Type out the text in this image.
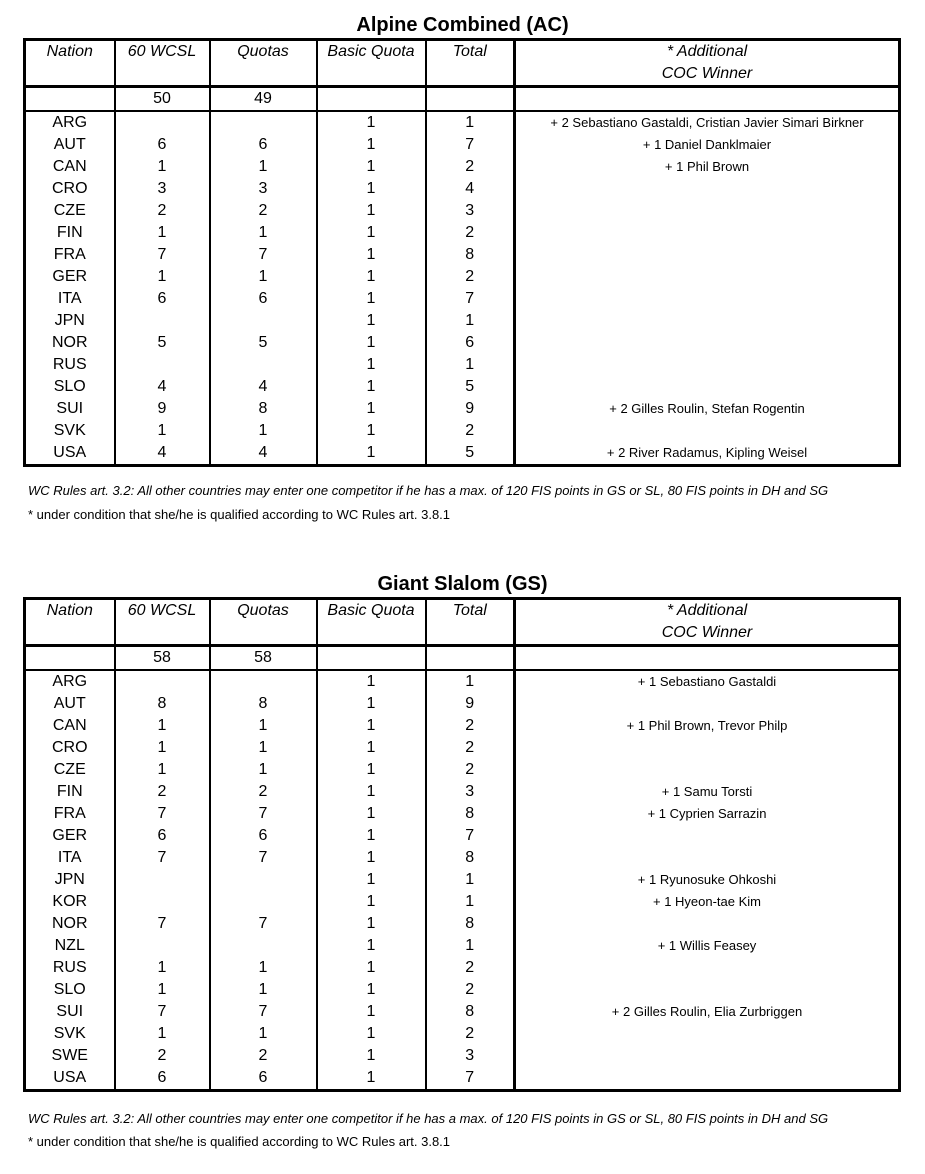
Alpine Combined (AC)
Nation	60 WCSL	Quotas	Basic Quota	Total	* Additional
COC Winner
	50	49			
ARG			1	1	+ 2 Sebastiano Gastaldi, Cristian Javier Simari Birkner
AUT	6	6	1	7	+ 1 Daniel Danklmaier
CAN	1	1	1	2	+ 1 Phil Brown
CRO	3	3	1	4	
CZE	2	2	1	3	
FIN	1	1	1	2	
FRA	7	7	1	8	
GER	1	1	1	2	
ITA	6	6	1	7	
JPN			1	1	
NOR	5	5	1	6	
RUS			1	1	
SLO	4	4	1	5	
SUI	9	8	1	9	+ 2 Gilles Roulin, Stefan Rogentin
SVK	1	1	1	2	
USA	4	4	1	5	+ 2 River Radamus, Kipling Weisel
WC Rules art. 3.2: All other countries may enter one competitor if he has a max. of 120 FIS points in GS or SL, 80 FIS points in DH and SG
* under condition that she/he is qualified according to WC Rules art. 3.8.1
Giant Slalom (GS)
Nation	60 WCSL	Quotas	Basic Quota	Total	* Additional
COC Winner
	58	58			
ARG			1	1	+ 1 Sebastiano Gastaldi
AUT	8	8	1	9	
CAN	1	1	1	2	+ 1 Phil Brown, Trevor Philp
CRO	1	1	1	2	
CZE	1	1	1	2	
FIN	2	2	1	3	+ 1 Samu Torsti
FRA	7	7	1	8	+ 1 Cyprien Sarrazin
GER	6	6	1	7	
ITA	7	7	1	8	
JPN			1	1	+ 1 Ryunosuke Ohkoshi
KOR			1	1	+ 1 Hyeon-tae Kim
NOR	7	7	1	8	
NZL			1	1	+ 1 Willis Feasey
RUS	1	1	1	2	
SLO	1	1	1	2	
SUI	7	7	1	8	+ 2 Gilles Roulin, Elia Zurbriggen
SVK	1	1	1	2	
SWE	2	2	1	3	
USA	6	6	1	7	
WC Rules art. 3.2: All other countries may enter one competitor if he has a max. of 120 FIS points in GS or SL, 80 FIS points in DH and SG
* under condition that she/he is qualified according to WC Rules art. 3.8.1
